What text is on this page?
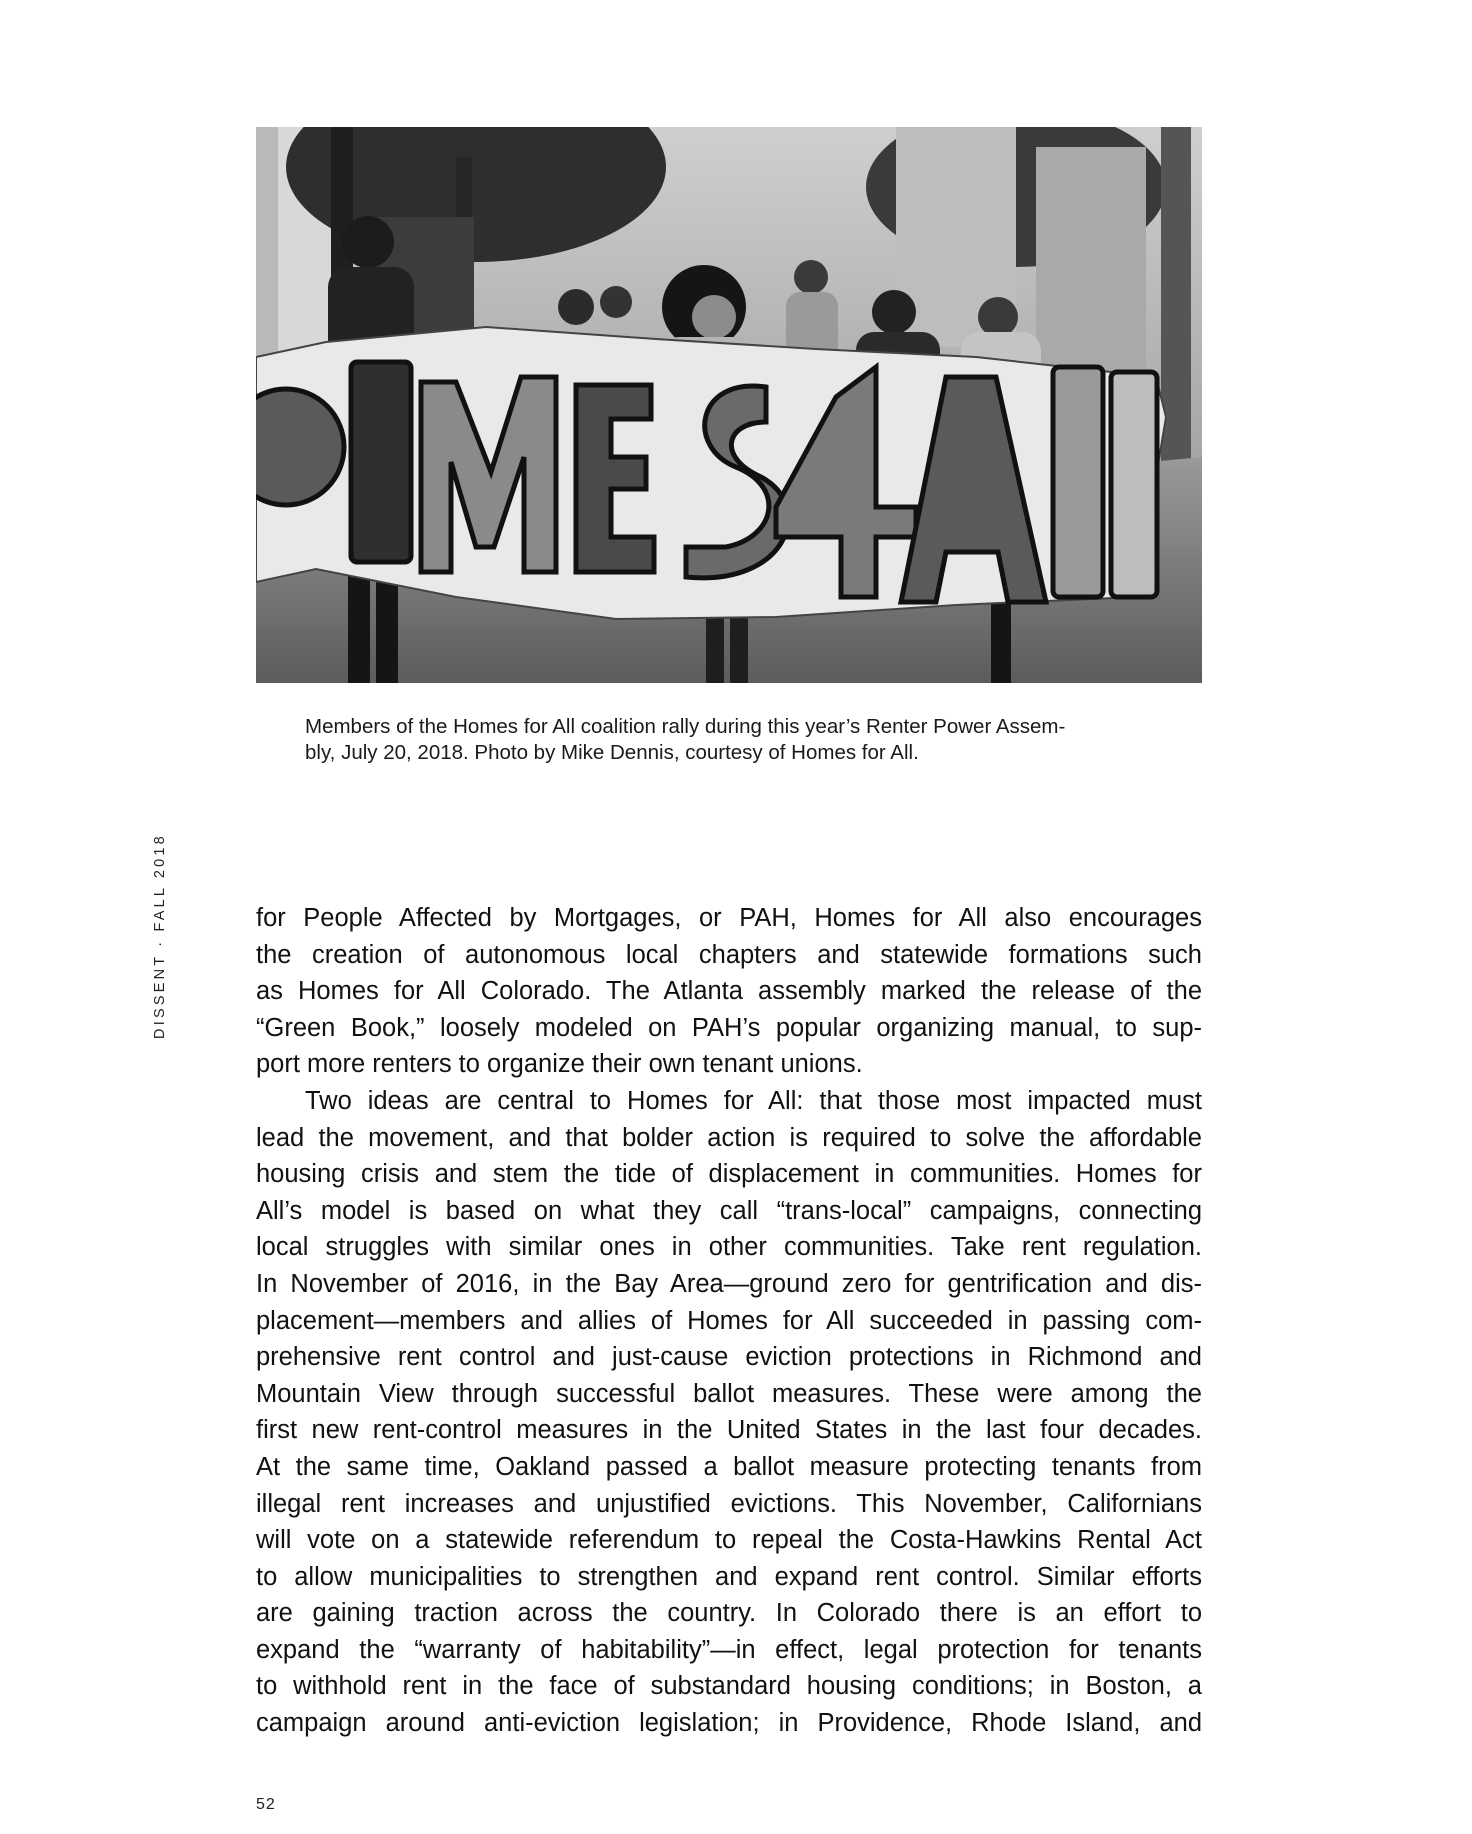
Members of the Homes for All coalition rally during this year’s Renter Power Assem-
bly, July 20, 2018. Photo by Mike Dennis, courtesy of Homes for All.
DISSENT · FALL 2018	for People Affected by Mortgages, or PAH, Homes for All also encourages
the creation of autonomous local chapters and statewide formations such
as Homes for All Colorado. The Atlanta assembly marked the release of the
“Green Book,” loosely modeled on PAH’s popular organizing manual, to sup-
port more renters to organize their own tenant unions.
Two ideas are central to Homes for All: that those most impacted must
lead the movement, and that bolder action is required to solve the affordable
housing crisis and stem the tide of displacement in communities. Homes for
All’s model is based on what they call “trans-local” campaigns, connecting
local struggles with similar ones in other communities. Take rent regulation.
In November of 2016, in the Bay Area—ground zero for gentrification and dis-
placement—members and allies of Homes for All succeeded in passing com-
prehensive rent control and just-cause eviction protections in Richmond and
Mountain View through successful ballot measures. These were among the
first new rent-control measures in the United States in the last four decades.
At the same time, Oakland passed a ballot measure protecting tenants from
illegal rent increases and unjustified evictions. This November, Californians
will vote on a statewide referendum to repeal the Costa-Hawkins Rental Act
to allow municipalities to strengthen and expand rent control. Similar efforts
are gaining traction across the country. In Colorado there is an effort to
expand the “warranty of habitability”—in effect, legal protection for tenants
to withhold rent in the face of substandard housing conditions; in Boston, a
campaign around anti-eviction legislation; in Providence, Rhode Island, and
52
